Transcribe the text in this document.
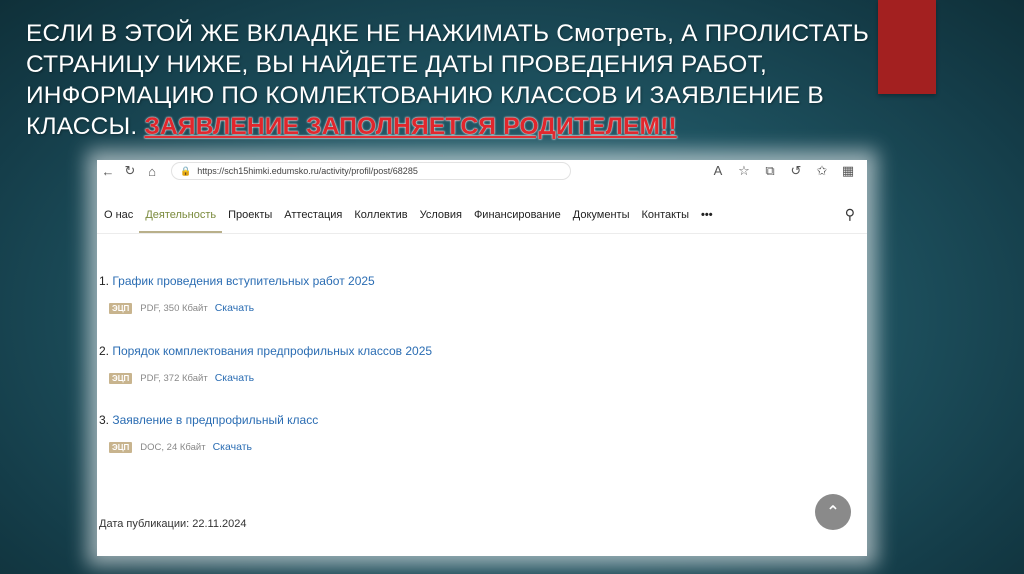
ЕСЛИ В ЭТОЙ ЖЕ ВКЛАДКЕ НЕ НАЖИМАТЬ Смотреть, А ПРОЛИСТАТЬ СТРАНИЦУ НИЖЕ, ВЫ НАЙДЕТЕ ДАТЫ ПРОВЕДЕНИЯ РАБОТ, ИНФОРМАЦИЮ ПО КОМЛЕКТОВАНИЮ КЛАССОВ И ЗАЯВЛЕНИЕ В КЛАССЫ. ЗАЯВЛЕНИЕ ЗАПОЛНЯЕТСЯ РОДИТЕЛЕМ!!
← ↻ ⌂	🔒 https://sch15himki.edumsko.ru/activity/profil/post/68285	A	☆	⧉	↺	✩	▦
О нас	Деятельность	Проекты	Аттестация	Коллектив	Условия	Финансирование	Документы	Контакты	•••	⚲
1. График проведения вступительных работ 2025
ЭЦП	PDF, 350 Кбайт Скачать
2. Порядок комплектования предпрофильных классов 2025
ЭЦП	PDF, 372 Кбайт Скачать
3. Заявление в предпрофильный класс
ЭЦП	DOC, 24 Кбайт Скачать
Дата публикации: 22.11.2024
⌃
